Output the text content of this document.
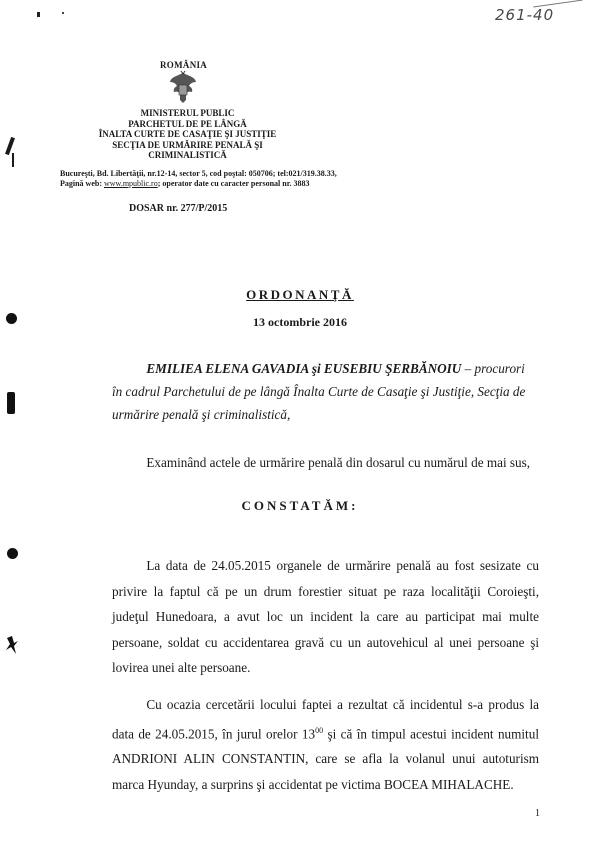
261-40
ROMÂNIA
MINISTERUL PUBLIC
PARCHETUL DE PE LÂNGĂ
ÎNALTA CURTE DE CASAŢIE ŞI JUSTIŢIE
SECŢIA DE URMĂRIRE PENALĂ ŞI
CRIMINALISTICĂ
Bucureşti, Bd. Libertăţii, nr.12-14, sector 5, cod poştal: 050706; tel:021/319.38.33,
Pagină web: www.mpublic.ro; operator date cu caracter personal nr. 3883
DOSAR nr. 277/P/2015
ORDONANŢĂ
13 octombrie 2016
EMILIEA ELENA GAVADIA şi EUSEBIU ŞERBĂNOIU – procurori
în cadrul Parchetului de pe lângă Înalta Curte de Casaţie şi Justiţie, Secţia de
urmărire penală şi criminalistică,
Examinând actele de urmărire penală din dosarul cu numărul de mai sus,
CONSTATĂM:
La data de 24.05.2015 organele de urmărire penală au fost sesizate cu privire la faptul că pe un drum forestier situat pe raza localităţii Coroieşti, judeţul Hunedoara, a avut loc un incident la care au participat mai multe persoane, soldat cu accidentarea gravă cu un autovehicul al unei persoane şi lovirea unei alte persoane.
Cu ocazia cercetării locului faptei a rezultat că incidentul s-a produs la data de 24.05.2015, în jurul orelor $13^{00}$ şi că în timpul acestui incident numitul ANDRIONI ALIN CONSTANTIN, care se afla la volanul unui autoturism marca Hyunday, a surprins şi accidentat pe victima BOCEA MIHALACHE.
1
